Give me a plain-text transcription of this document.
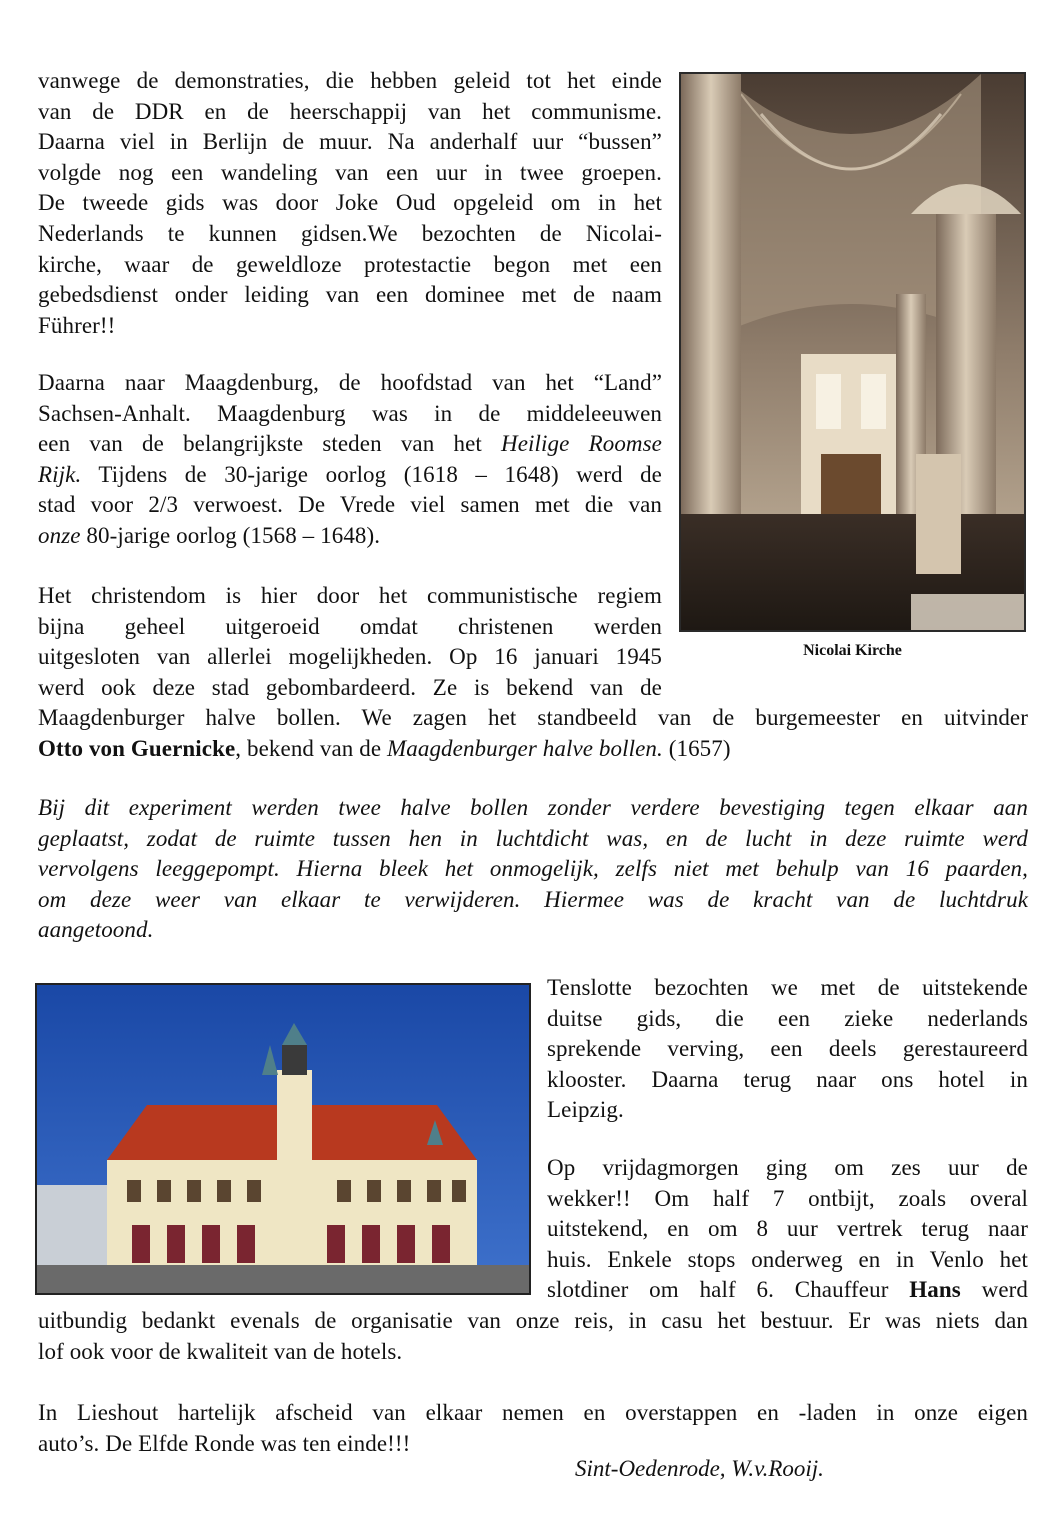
vanwege de demonstraties, die hebben geleid tot het einde
van de DDR en de heerschappij van het communisme.
Daarna viel in Berlijn de muur. Na anderhalf uur “bussen”
volgde nog een wandeling van een uur in twee groepen.
De tweede gids was door Joke Oud opgeleid om in het
Nederlands te kunnen gidsen.We bezochten de Nicolai-
kirche, waar de geweldloze protestactie begon met een
gebedsdienst onder leiding van een dominee met de naam
Führer!!
Daarna naar Maagdenburg, de hoofdstad van het “Land”
Sachsen-Anhalt. Maagdenburg was in de middeleeuwen
een van de belangrijkste steden van het Heilige Roomse
Rijk. Tijdens de 30-jarige oorlog (1618 – 1648) werd de
stad voor 2/3 verwoest. De Vrede viel samen met die van
onze 80-jarige oorlog (1568 – 1648).
Het christendom is hier door het communistische regiem
bijna geheel uitgeroeid omdat christenen werden
uitgesloten van allerlei mogelijkheden. Op 16 januari 1945
werd ook deze stad gebombardeerd. Ze is bekend van de
Maagdenburger halve bollen. We zagen het standbeeld van de burgemeester en uitvinder
Otto von Guernicke, bekend van de Maagdenburger halve bollen. (1657)
Bij dit experiment werden twee halve bollen zonder verdere bevestiging tegen elkaar aan
geplaatst, zodat de ruimte tussen hen in luchtdicht was, en de lucht in deze ruimte werd
vervolgens leeggepompt. Hierna bleek het onmogelijk, zelfs niet met behulp van 16 paarden,
om deze weer van elkaar te verwijderen. Hiermee was de kracht van de luchtdruk
aangetoond.
Tenslotte bezochten we met de uitstekende
duitse gids, die een zieke nederlands
sprekende verving, een deels gerestaureerd
klooster. Daarna terug naar ons hotel in
Leipzig.
Op vrijdagmorgen ging om zes uur de
wekker!! Om half 7 ontbijt, zoals overal
uitstekend, en om 8 uur vertrek terug naar
huis. Enkele stops onderweg en in Venlo het
slotdiner om half 6. Chauffeur Hans werd
uitbundig bedankt evenals de organisatie van onze reis, in casu het bestuur. Er was niets dan
lof ook voor de kwaliteit van de hotels.
In Lieshout hartelijk afscheid van elkaar nemen en overstappen en -laden in onze eigen
auto’s. De Elfde Ronde was ten einde!!!
Sint-Oedenrode, W.v.Rooij.
Nicolai Kirche
